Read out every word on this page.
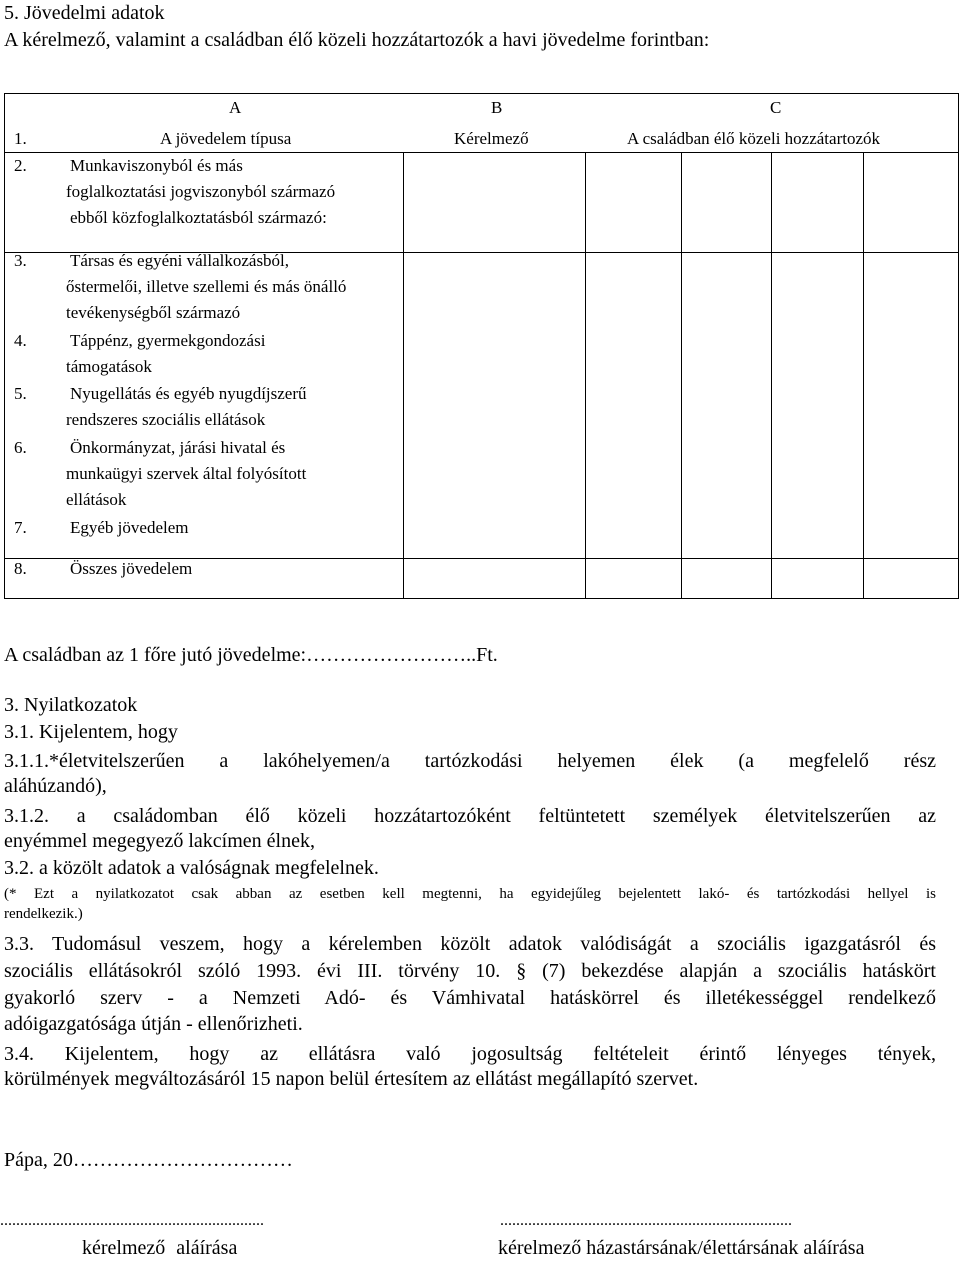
5. Jövedelmi adatok
A kérelmező, valamint a családban élő közeli hozzátartozók a havi jövedelme forintban:
A	B	C
1.	A jövedelem típusa	Kérelmező	A családban élő közeli hozzátartozók
2.	Munkaviszonyból és más
foglalkoztatási jogviszonyból származó
ebből közfoglalkoztatásból származó:
3.	Társas és egyéni vállalkozásból,
őstermelői, illetve szellemi és más önálló
tevékenységből származó
4.	Táppénz, gyermekgondozási
támogatások
5.	Nyugellátás és egyéb nyugdíjszerű
rendszeres szociális ellátások
6.	Önkormányzat, járási hivatal és
munkaügyi szervek által folyósított
ellátások
7.	Egyéb jövedelem
8.	Összes jövedelem
A családban az 1 főre jutó jövedelme:……………………..Ft.
3. Nyilatkozatok
3.1. Kijelentem, hogy
3.1.1.*életvitelszerűen a lakóhelyemen/a tartózkodási helyemen élek (a megfelelő rész
aláhúzandó),
3.1.2. a családomban élő közeli hozzátartozóként feltüntetett személyek életvitelszerűen az
enyémmel megegyező lakcímen élnek,
3.2. a közölt adatok a valóságnak megfelelnek.
(* Ezt a nyilatkozatot csak abban az esetben kell megtenni, ha egyidejűleg bejelentett lakó- és tartózkodási hellyel is
rendelkezik.)
3.3. Tudomásul veszem, hogy a kérelemben közölt adatok valódiságát a szociális igazgatásról és
szociális ellátásokról szóló 1993. évi III. törvény 10. § (7) bekezdése alapján a szociális hatáskört
gyakorló szerv - a Nemzeti Adó- és Vámhivatal hatáskörrel és illetékességgel rendelkező
adóigazgatósága útján - ellenőrizheti.
3.4. Kijelentem, hogy az ellátásra való jogosultság feltételeit érintő lényeges tények,
körülmények megváltozásáról 15 napon belül értesítem az ellátást megállapító szervet.
Pápa, 20……………………………
..................................................................	.........................................................................
kérelmező aláírása	kérelmező házastársának/élettársának aláírása
